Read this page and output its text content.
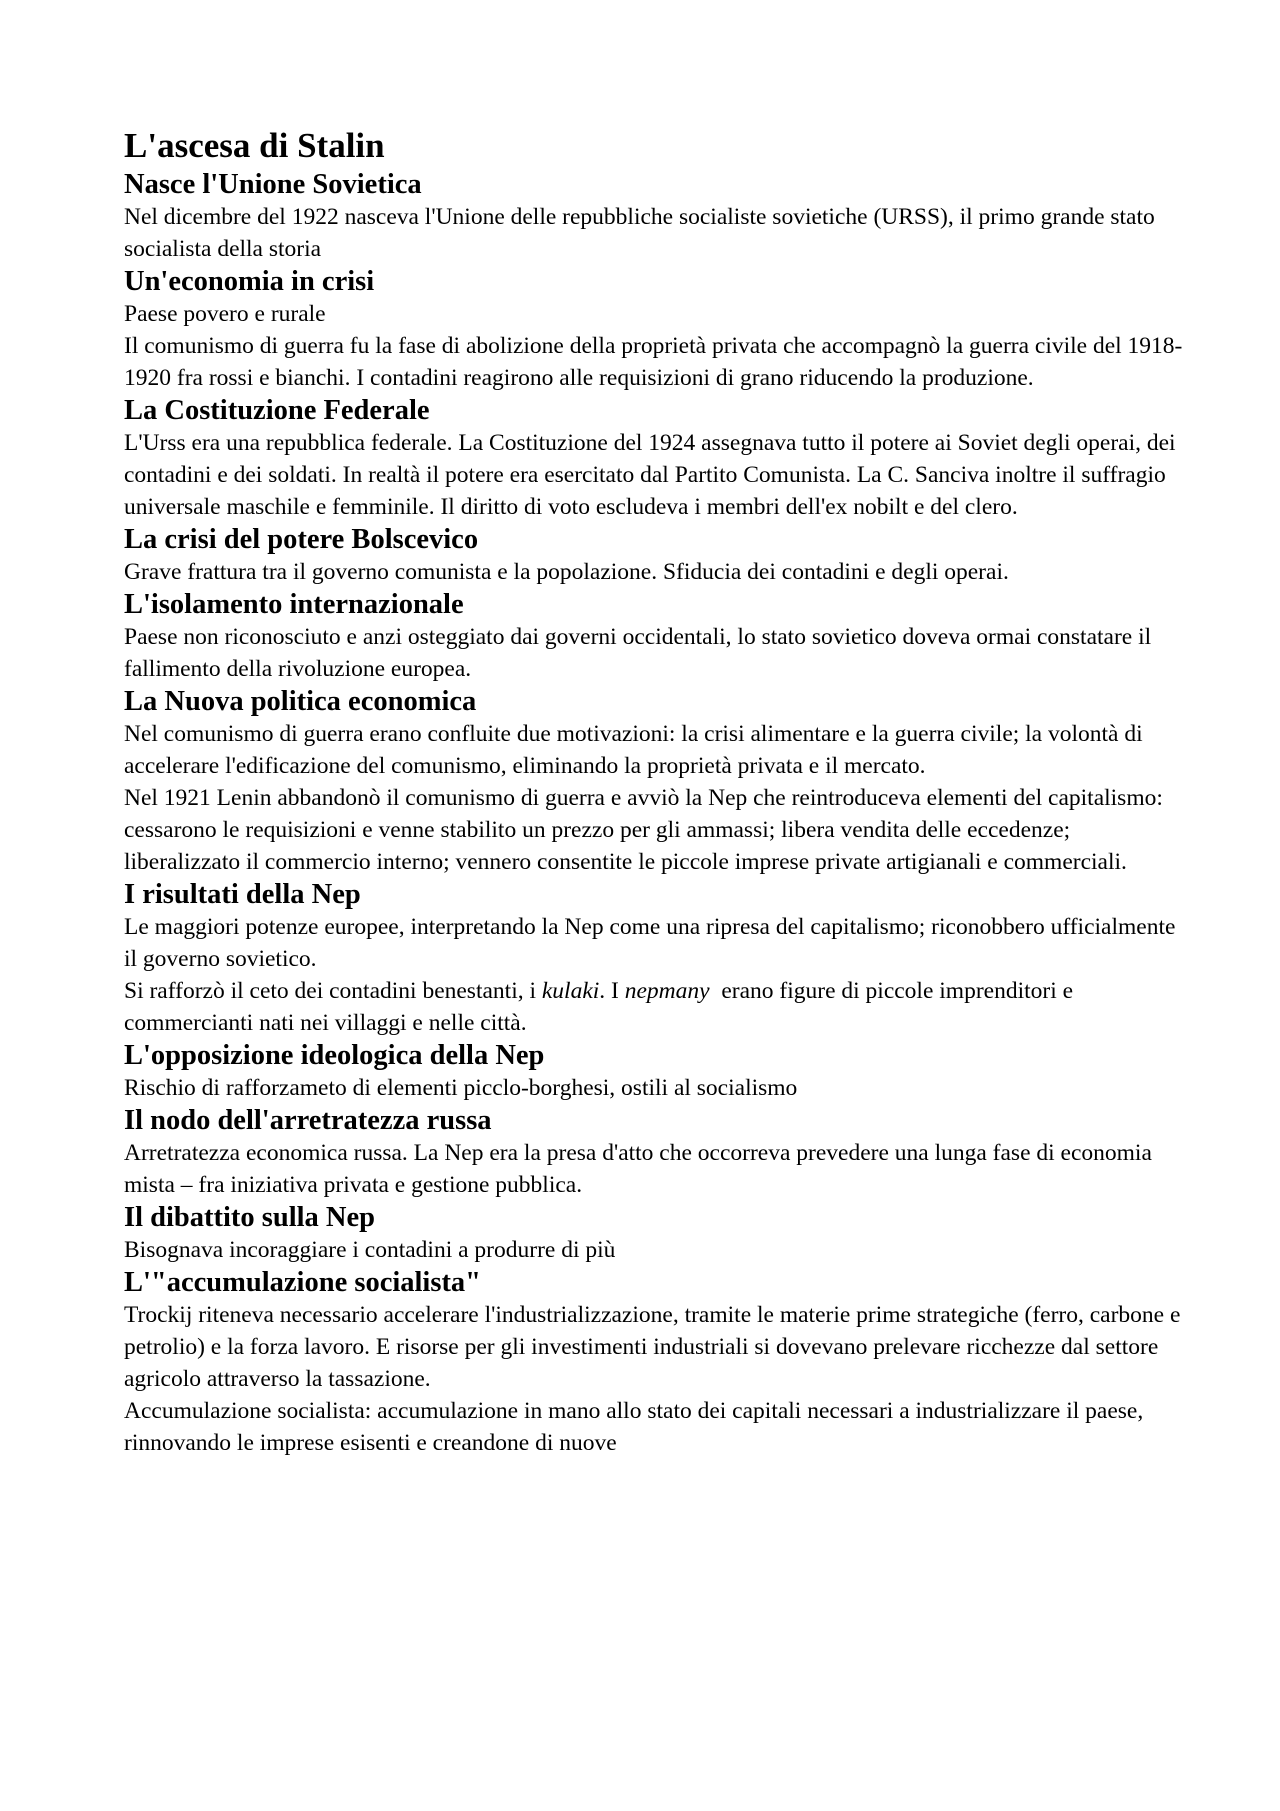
L'ascesa di Stalin
Nasce l'Unione Sovietica

Nel dicembre del 1922 nasceva l'Unione delle repubbliche socialiste sovietiche (URSS), il primo grande stato socialista della storia

Un'economia in crisi

Paese povero e rurale

Il comunismo di guerra fu la fase di abolizione della proprietà privata che accompagnò la guerra civile del 1918-1920 fra rossi e bianchi. I contadini reagirono alle requisizioni di grano riducendo la produzione.

La Costituzione Federale

L'Urss era una repubblica federale. La Costituzione del 1924 assegnava tutto il potere ai Soviet degli operai, dei contadini e dei soldati. In realtà il potere era esercitato dal Partito Comunista. La C. Sanciva inoltre il suffragio universale maschile e femminile. Il diritto di voto escludeva i membri dell'ex nobilt e del clero.

La crisi del potere Bolscevico

Grave frattura tra il governo comunista e la popolazione. Sfiducia dei contadini e degli operai.

L'isolamento internazionale

Paese non riconosciuto e anzi osteggiato dai governi occidentali, lo stato sovietico doveva ormai constatare il fallimento della rivoluzione europea.

La Nuova politica economica

Nel comunismo di guerra erano confluite due motivazioni: la crisi alimentare e la guerra civile; la volontà di accelerare l'edificazione del comunismo, eliminando la proprietà privata e il mercato.

Nel 1921 Lenin abbandonò il comunismo di guerra e avviò la Nep che reintroduceva elementi del capitalismo: cessarono le requisizioni e venne stabilito un prezzo per gli ammassi; libera vendita delle eccedenze; liberalizzato il commercio interno; vennero consentite le piccole imprese private artigianali e commerciali.

I risultati della Nep

Le maggiori potenze europee, interpretando la Nep come una ripresa del capitalismo; riconobbero ufficialmente il governo sovietico.

Si rafforzò il ceto dei contadini benestanti, i kulaki. I nepmany  erano figure di piccole imprenditori e commercianti nati nei villaggi e nelle città.

L'opposizione ideologica della Nep

Rischio di rafforzameto di elementi picclo-borghesi, ostili al socialismo

Il nodo dell'arretratezza russa

Arretratezza economica russa. La Nep era la presa d'atto che occorreva prevedere una lunga fase di economia mista – fra iniziativa privata e gestione pubblica.

Il dibattito sulla Nep

Bisognava incoraggiare i contadini a produrre di più

L'"accumulazione socialista"

Trockij riteneva necessario accelerare l'industrializzazione, tramite le materie prime strategiche (ferro, carbone e petrolio) e la forza lavoro. E risorse per gli investimenti industriali si dovevano prelevare ricchezze dal settore agricolo attraverso la tassazione.

Accumulazione socialista: accumulazione in mano allo stato dei capitali necessari a industrializzare il paese, rinnovando le imprese esisenti e creandone di nuove
